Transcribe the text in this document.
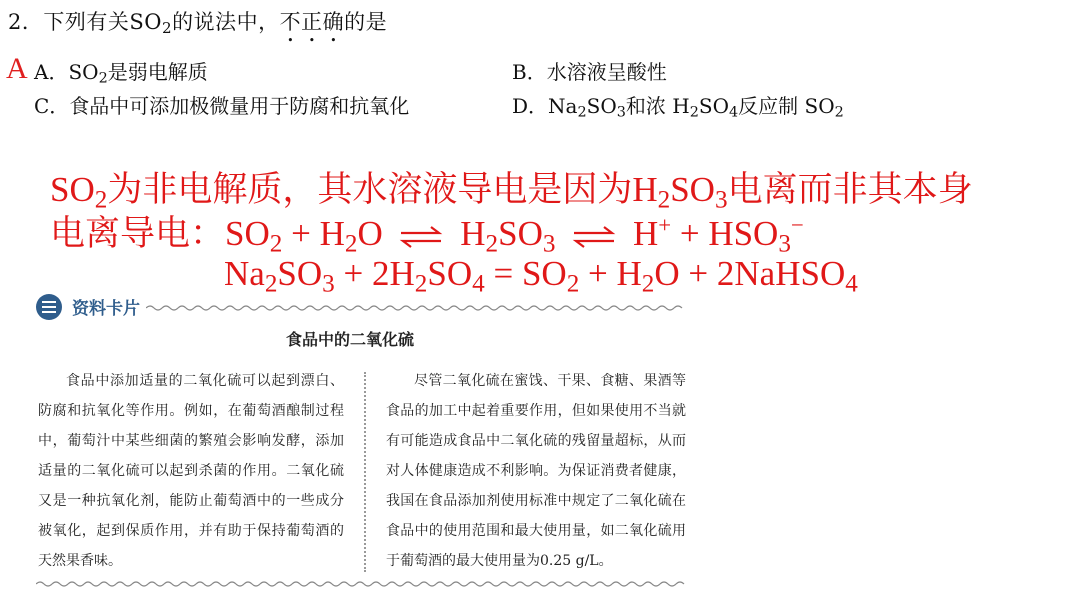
2．下列有关$SO_2$的说法中，不正确的是
A A．$SO_2$是弱电解质	B．水溶液呈酸性
C．食品中可添加极微量用于防腐和抗氧化	D．$Na_2SO_3$和浓 $H_2SO_4$反应制 $SO_2$
$SO_2$为非电解质，其水溶液导电是因为$H_2SO_3$电离而非其本身
电离导电：$SO_2 + H_2O$ ⇌ $H_2SO_3$ ⇌ $H^+ + HSO_3^-$
$Na_2SO_3 + 2H_2SO_4 = SO_2 + H_2O$ + 2NaHSO$_4$
资料卡片
食品中的二氧化硫
食品中添加适量的二氧化硫可以起到漂白、防腐和抗氧化等作用。例如，在葡萄酒酿制过程中，葡萄汁中某些细菌的繁殖会影响发酵，添加适量的二氧化硫可以起到杀菌的作用。二氧化硫又是一种抗氧化剂，能防止葡萄酒中的一些成分被氧化，起到保质作用，并有助于保持葡萄酒的天然果香味。
尽管二氧化硫在蜜饯、干果、食糖、果酒等食品的加工中起着重要作用，但如果使用不当就有可能造成食品中二氧化硫的残留量超标，从而对人体健康造成不利影响。为保证消费者健康，我国在食品添加剂使用标准中规定了二氧化硫在食品中的使用范围和最大使用量，如二氧化硫用于葡萄酒的最大使用量为0.25 g/L。
